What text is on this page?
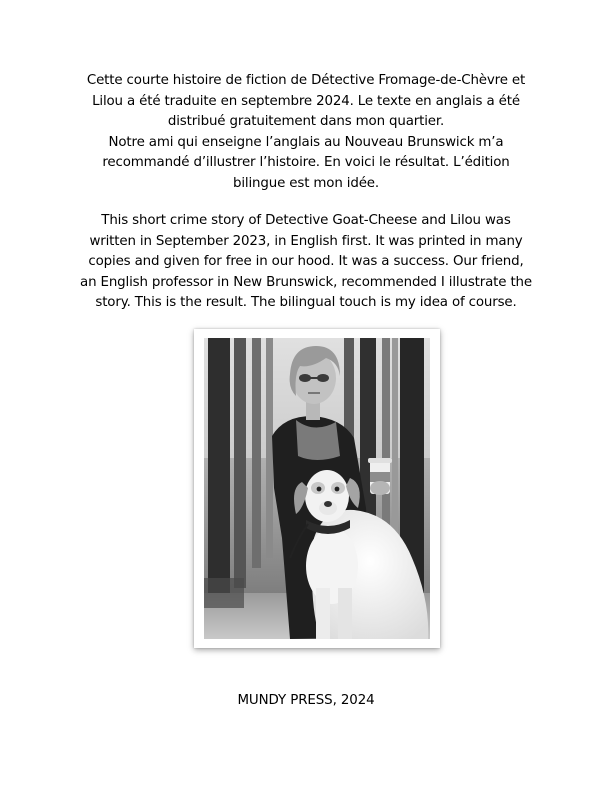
Cette courte histoire de fiction de Détective Fromage-de-Chèvre et
Lilou a été traduite en septembre 2024. Le texte en anglais a été
distribué gratuitement dans mon quartier.
Notre ami qui enseigne l’anglais au Nouveau Brunswick m’a
recommandé d’illustrer l’histoire. En voici le résultat. L’édition
bilingue est mon idée.
This short crime story of Detective Goat-Cheese and Lilou was
written in September 2023, in English first. It was printed in many
copies and given for free in our hood. It was a success. Our friend,
an English professor in New Brunswick, recommended I illustrate the
story. This is the result. The bilingual touch is my idea of course.
MUNDY PRESS, 2024
